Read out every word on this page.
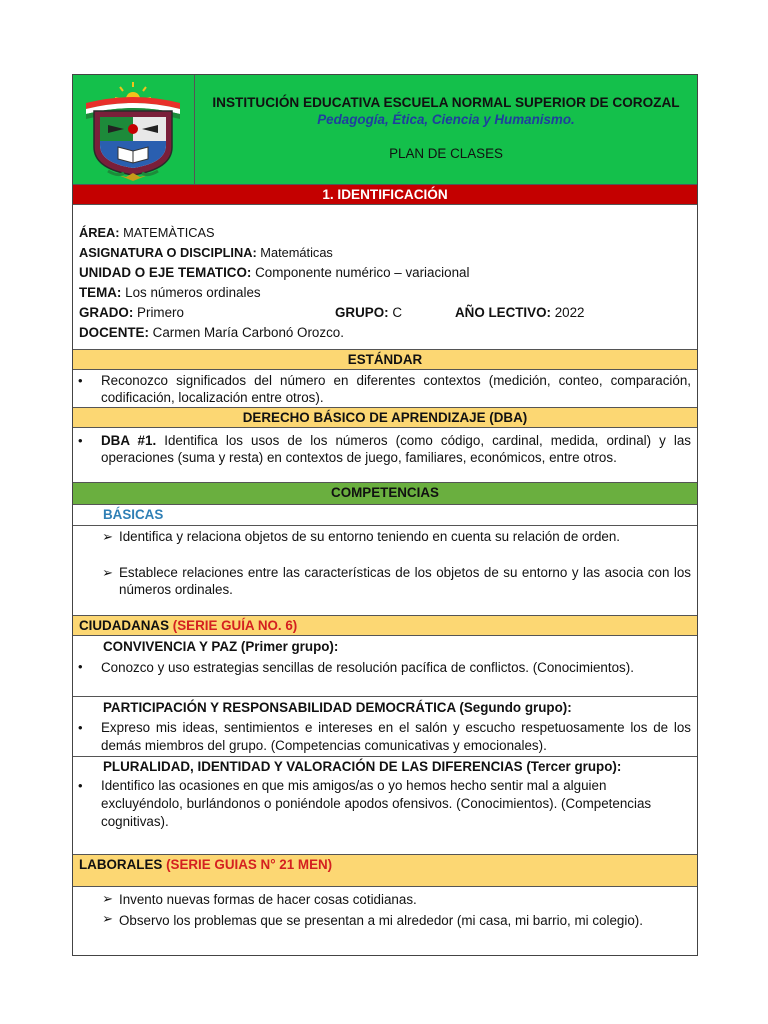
INSTITUCIÓN EDUCATIVA ESCUELA NORMAL SUPERIOR DE COROZAL
Pedagogía, Ética, Ciencia y Humanismo.
PLAN DE CLASES
1. IDENTIFICACIÓN
ÁREA: MATEMÀTICAS
ASIGNATURA O DISCIPLINA: Matemáticas
UNIDAD O EJE TEMATICO: Componente numérico – variacional
TEMA: Los números ordinales
GRADO: Primero	GRUPO: C	AÑO LECTIVO: 2022
DOCENTE: Carmen María Carbonó Orozco.
ESTÁNDAR
•	Reconozco significados del número en diferentes contextos (medición, conteo, comparación, codificación, localización entre otros).
DERECHO BÁSICO DE APRENDIZAJE (DBA)
•	DBA #1. Identifica los usos de los números (como código, cardinal, medida, ordinal) y las operaciones (suma y resta) en contextos de juego, familiares, económicos, entre otros.
COMPETENCIAS
BÁSICAS
➢ Identifica y relaciona objetos de su entorno teniendo en cuenta su relación de orden.
➢ Establece relaciones entre las características de los objetos de su entorno y las asocia con los números ordinales.
CIUDADANAS (SERIE GUÍA NO. 6)
CONVIVENCIA Y PAZ (Primer grupo):
•	Conozco y uso estrategias sencillas de resolución pacífica de conflictos. (Conocimientos).
PARTICIPACIÓN Y RESPONSABILIDAD DEMOCRÁTICA (Segundo grupo):
•	Expreso mis ideas, sentimientos e intereses en el salón y escucho respetuosamente los de los demás miembros del grupo. (Competencias comunicativas y emocionales).
PLURALIDAD, IDENTIDAD Y VALORACIÓN DE LAS DIFERENCIAS (Tercer grupo):
•	Identifico las ocasiones en que mis amigos/as o yo hemos hecho sentir mal a alguien excluyéndolo, burlándonos o poniéndole apodos ofensivos. (Conocimientos). (Competencias cognitivas).
LABORALES (SERIE GUIAS N° 21 MEN)
➢ Invento nuevas formas de hacer cosas cotidianas.
➢ Observo los problemas que se presentan a mi alrededor (mi casa, mi barrio, mi colegio).
